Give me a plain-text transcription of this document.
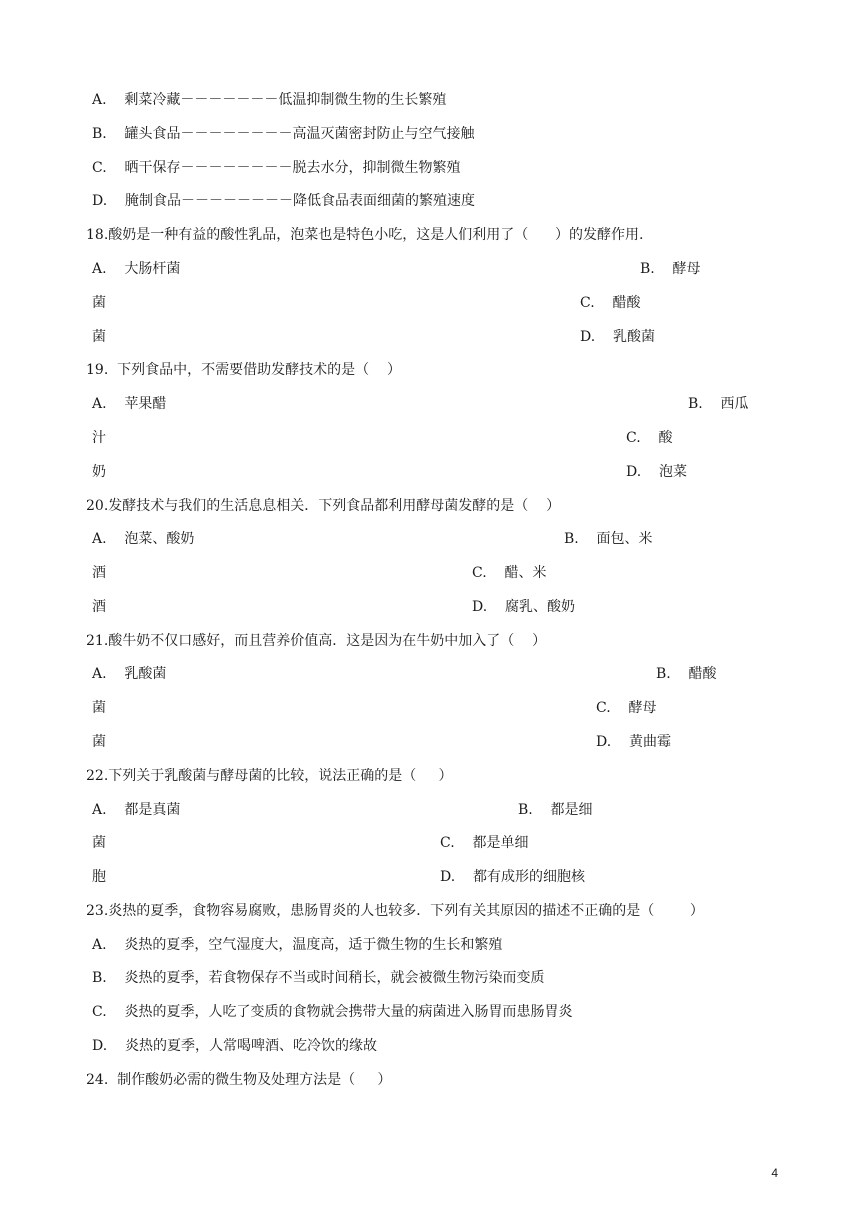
A.    剩菜冷藏－－－－－－－低温抑制微生物的生长繁殖
B.    罐头食品－－－－－－－－高温灭菌密封防止与空气接触
C.    晒干保存－－－－－－－－脱去水分，抑制微生物繁殖
D.    腌制食品－－－－－－－－降低食品表面细菌的繁殖速度
18.酸奶是一种有益的酸性乳品，泡菜也是特色小吃，这是人们利用了（      ）的发酵作用.
A.    大肠杆菌	B.    酵母
菌	C.    醋酸
菌	D.    乳酸菌
19.  下列食品中，不需要借助发酵技术的是（    ）
A.    苹果醋	B.    西瓜
汁	C.    酸
奶	D.    泡菜
20.发酵技术与我们的生活息息相关．下列食品都利用酵母菌发酵的是（    ）
A.    泡菜、酸奶	B.    面包、米
酒	C.    醋、米
酒	D.    腐乳、酸奶
21.酸牛奶不仅口感好，而且营养价值高．这是因为在牛奶中加入了（    ）
A.    乳酸菌	B.    醋酸
菌	C.    酵母
菌	D.    黄曲霉
22.下列关于乳酸菌与酵母菌的比较，说法正确的是（     ）
A.    都是真菌	B.    都是细
菌	C.    都是单细
胞	D.    都有成形的细胞核
23.炎热的夏季，食物容易腐败，患肠胃炎的人也较多．下列有关其原因的描述不正确的是（        ）
A.    炎热的夏季，空气湿度大，温度高，适于微生物的生长和繁殖
B.    炎热的夏季，若食物保存不当或时间稍长，就会被微生物污染而变质
C.    炎热的夏季，人吃了变质的食物就会携带大量的病菌进入肠胃而患肠胃炎
D.    炎热的夏季，人常喝啤酒、吃冷饮的缘故
24.  制作酸奶必需的微生物及处理方法是（     ）
4
